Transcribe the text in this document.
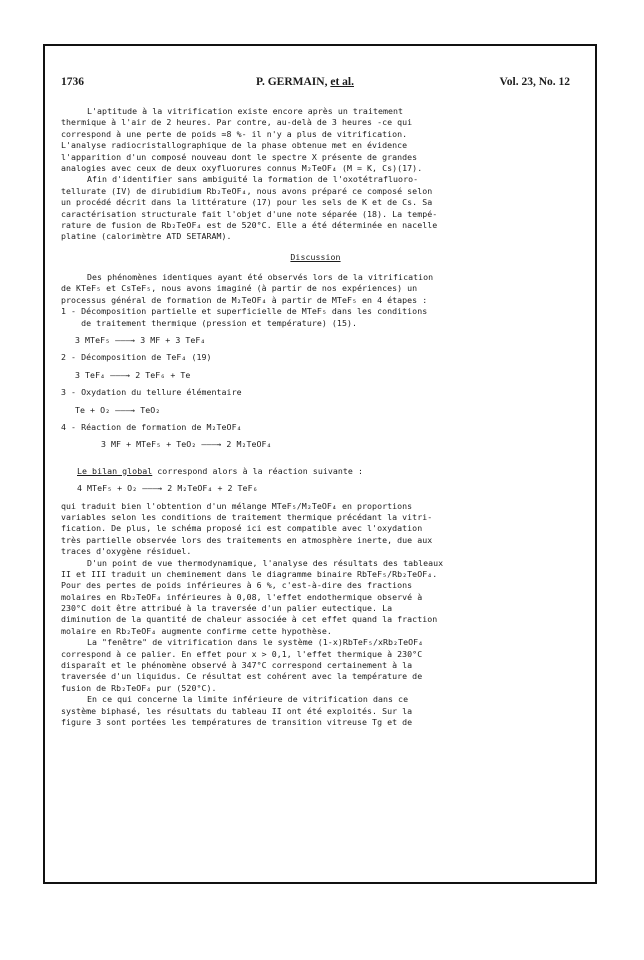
1736	P. GERMAIN, et al.	Vol. 23, No. 12
L'aptitude à la vitrification existe encore après un traitement
thermique à l'air de 2 heures. Par contre, au-delà de 3 heures -ce qui
correspond à une perte de poids ≃8 %- il n'y a plus de vitrification.
L'analyse radiocristallographique de la phase obtenue met en évidence
l'apparition d'un composé nouveau dont le spectre X présente de grandes
analogies avec ceux de deux oxyfluorures connus M₂TeOF₄ (M = K, Cs)(17).
Afin d'identifier sans ambiguité la formation de l'oxotétrafluoro-
tellurate (IV) de dirubidium Rb₂TeOF₄, nous avons préparé ce composé selon
un procédé décrit dans la littérature (17) pour les sels de K et de Cs. Sa
caractérisation structurale fait l'objet d'une note séparée (18). La tempé-
rature de fusion de Rb₂TeOF₄ est de 520°C. Elle a été déterminée en nacelle
platine (calorimètre ATD SETARAM).
Discussion
Des phénomènes identiques ayant été observés lors de la vitrification
de KTeF₅ et CsTeF₅, nous avons imaginé (à partir de nos expériences) un
processus général de formation de M₂TeOF₄ à partir de MTeF₅ en 4 étapes :
1 - Décomposition partielle et superficielle de MTeF₅ dans les conditions
de traitement thermique (pression et température) (15).
3 MTeF₅ ———→ 3 MF + 3 TeF₄
2 - Décomposition de TeF₄ (19)
3 TeF₄ ———→ 2 TeF₆ + Te
3 - Oxydation du tellure élémentaire
Te + O₂ ———→ TeO₂
4 - Réaction de formation de M₂TeOF₄
3 MF + MTeF₅ + TeO₂ ———→ 2 M₂TeOF₄
Le bilan global correspond alors à la réaction suivante :
4 MTeF₅ + O₂ ———→ 2 M₂TeOF₄ + 2 TeF₆
qui traduit bien l'obtention d'un mélange MTeF₅/M₂TeOF₄ en proportions
variables selon les conditions de traitement thermique précédant la vitri-
fication. De plus, le schéma proposé ici est compatible avec l'oxydation
très partielle observée lors des traitements en atmosphère inerte, due aux
traces d'oxygène résiduel.
D'un point de vue thermodynamique, l'analyse des résultats des tableaux
II et III traduit un cheminement dans le diagramme binaire RbTeF₅/Rb₂TeOF₄.
Pour des pertes de poids inférieures à 6 %, c'est-à-dire des fractions
molaires en Rb₂TeOF₄ inférieures à 0,08, l'effet endothermique observé à
230°C doit être attribué à la traversée d'un palier eutectique. La
diminution de la quantité de chaleur associée à cet effet quand la fraction
molaire en Rb₂TeOF₄ augmente confirme cette hypothèse.
La "fenêtre" de vitrification dans le système (1-x)RbTeF₅/xRb₂TeOF₄
correspond à ce palier. En effet pour x > 0,1, l'effet thermique à 230°C
disparaît et le phénomène observé à 347°C correspond certainement à la
traversée d'un liquidus. Ce résultat est cohérent avec la température de
fusion de Rb₂TeOF₄ pur (520°C).
En ce qui concerne la limite inférieure de vitrification dans ce
système biphasé, les résultats du tableau II ont été exploités. Sur la
figure 3 sont portées les températures de transition vitreuse Tg et de
